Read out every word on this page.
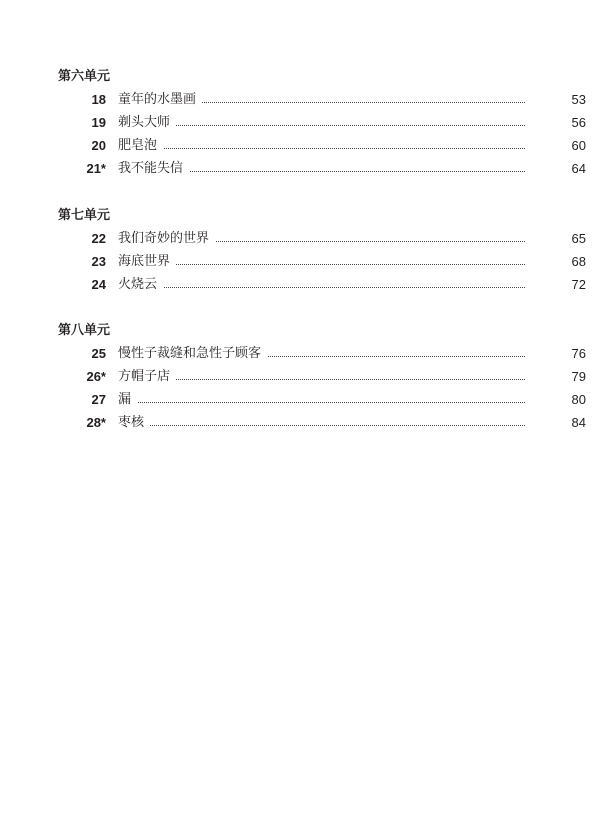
第六单元
18 童年的水墨画	53
19 剃头大师	56
20 肥皂泡	60
21* 我不能失信	64
第七单元
22 我们奇妙的世界	65
23 海底世界	68
24 火烧云	72
第八单元
25 慢性子裁缝和急性子顾客	76
26* 方帽子店	79
27 漏	80
28* 枣核	84
